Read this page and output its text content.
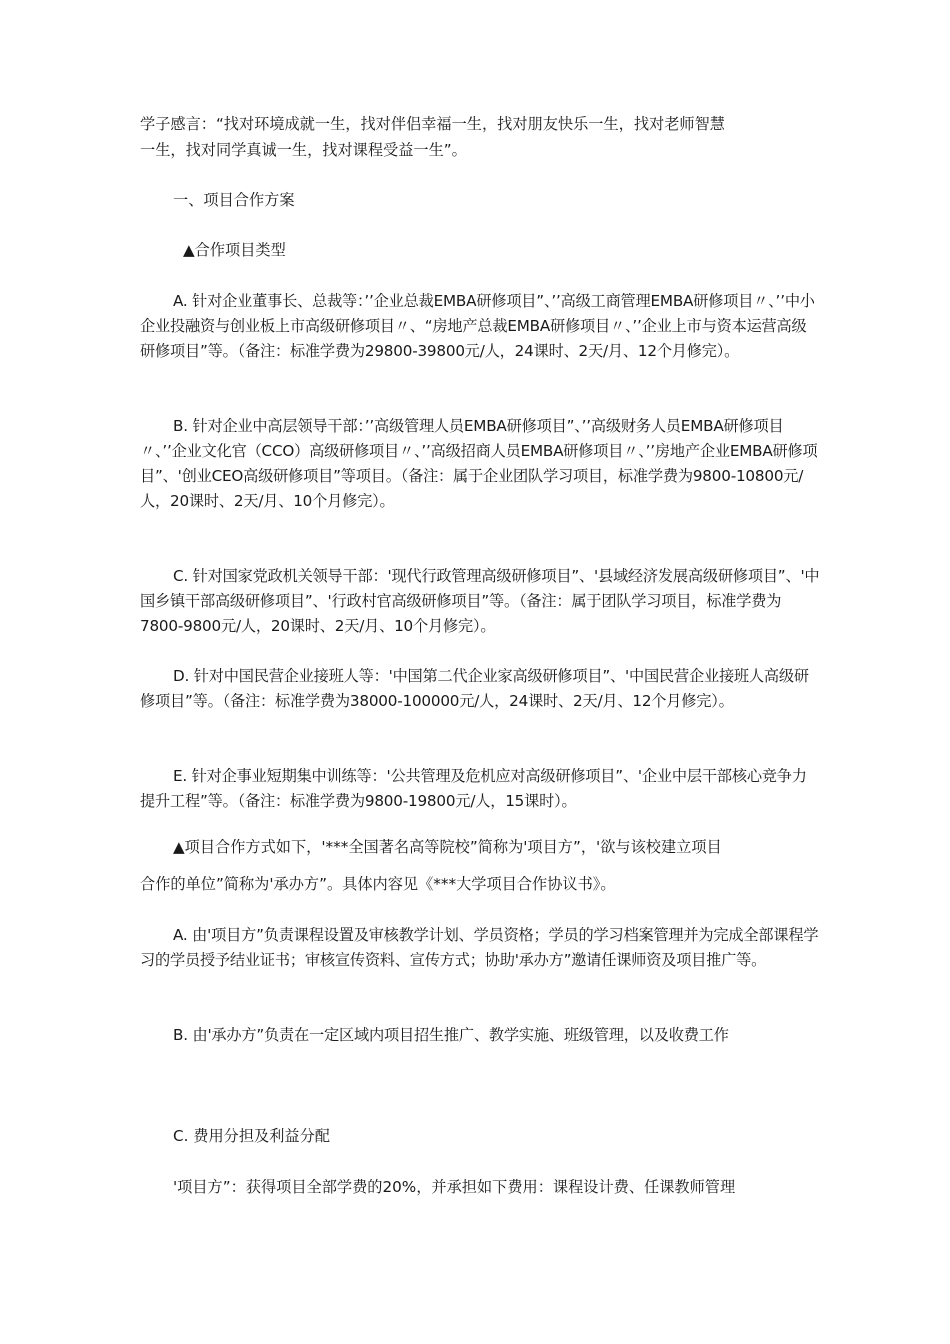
学子感言：“找对环境成就一生，找对伴侣幸福一生，找对朋友快乐一生，找对老师智慧

一生，找对同学真诚一生，找对课程受益一生”。

一、项目合作方案

▲合作项目类型

A. 针对企业董事长、总裁等：’’企业总裁EMBA研修项目”、’’高级工商管理EMBA研修项目〃、’’中小企业投融资与创业板上市高级研修项目〃、“房地产总裁EMBA研修项目〃、’’企业上市与资本运营高级研修项目”等。（备注：标准学费为29800-39800元/人，24课时、2天/月、12个月修完）。

B. 针对企业中高层领导干部：’’高级管理人员EMBA研修项目”、’’高级财务人员EMBA研修项目〃、’’企业文化官（CCO）高级研修项目〃、’’高级招商人员EMBA研修项目〃、’’房地产企业EMBA研修项目”、'创业CEO高级研修项目”等项目。（备注：属于企业团队学习项目，标准学费为9800-10800元/人，20课时、2天/月、10个月修完）。

C. 针对国家党政机关领导干部：'现代行政管理高级研修项目”、'县域经济发展高级研修项目”、'中国乡镇干部高级研修项目”、'行政村官高级研修项目”等。（备注：属于团队学习项目，标准学费为7800-9800元/人，20课时、2天/月、10个月修完）。

D. 针对中国民营企业接班人等：'中国第二代企业家高级研修项目”、'中国民营企业接班人高级研修项目”等。（备注：标准学费为38000-100000元/人，24课时、2天/月、12个月修完）。

E. 针对企事业短期集中训练等：'公共管理及危机应对高级研修项目”、'企业中层干部核心竞争力提升工程”等。（备注：标准学费为9800-19800元/人，15课时）。

▲项目合作方式如下，'***全国著名高等院校”简称为'项目方”，'欲与该校建立项目

合作的单位”简称为'承办方”。具体内容见《***大学项目合作协议书》。

A. 由'项目方”负责课程设置及审核教学计划、学员资格；学员的学习档案管理并为完成全部课程学习的学员授予结业证书；审核宣传资料、宣传方式；协助'承办方”邀请任课师资及项目推广等。

B. 由'承办方”负责在一定区域内项目招生推广、教学实施、班级管理，以及收费工作

C. 费用分担及利益分配

'项目方”：获得项目全部学费的20%，并承担如下费用：课程设计费、任课教师管理
